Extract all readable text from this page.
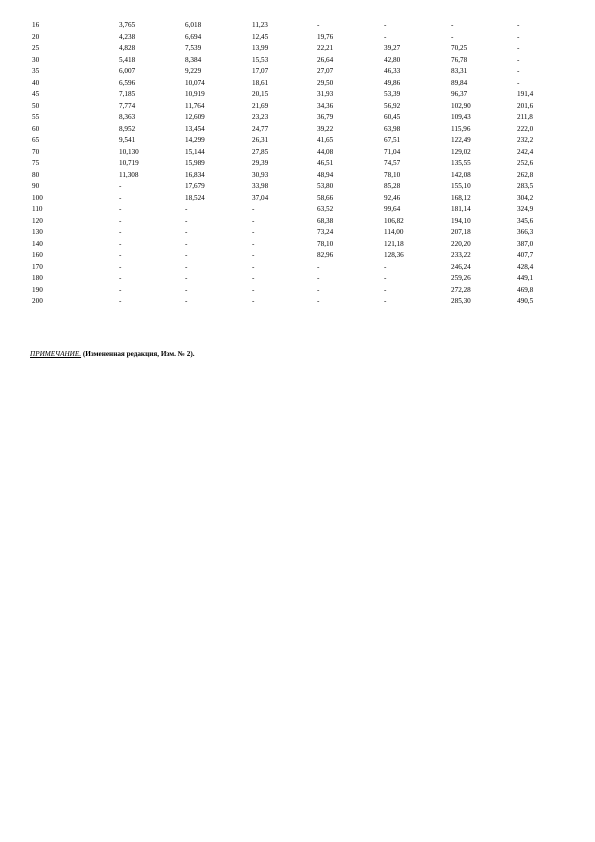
16	3,765	6,018	11,23	-	-	-	-
20	4,238	6,694	12,45	19,76	-	-	-
25	4,828	7,539	13,99	22,21	39,27	70,25	-
30	5,418	8,384	15,53	26,64	42,80	76,78	-
35	6,007	9,229	17,07	27,07	46,33	83,31	-
40	6,596	10,074	18,61	29,50	49,86	89,84	-
45	7,185	10,919	20,15	31,93	53,39	96,37	191,4
50	7,774	11,764	21,69	34,36	56,92	102,90	201,6
55	8,363	12,609	23,23	36,79	60,45	109,43	211,8
60	8,952	13,454	24,77	39,22	63,98	115,96	222,0
65	9,541	14,299	26,31	41,65	67,51	122,49	232,2
70	10,130	15,144	27,85	44,08	71,04	129,02	242,4
75	10,719	15,989	29,39	46,51	74,57	135,55	252,6
80	11,308	16,834	30,93	48,94	78,10	142,08	262,8
90	-	17,679	33,98	53,80	85,28	155,10	283,5
100	-	18,524	37,04	58,66	92,46	168,12	304,2
110	-	-	-	63,52	99,64	181,14	324,9
120	-	-	-	68,38	106,82	194,10	345,6
130	-	-	-	73,24	114,00	207,18	366,3
140	-	-	-	78,10	121,18	220,20	387,0
160	-	-	-	82,96	128,36	233,22	407,7
170	-	-	-	-	-	246,24	428,4
180	-	-	-	-	-	259,26	449,1
190	-	-	-	-	-	272,28	469,8
200	-	-	-	-	-	285,30	490,5
ПРИМЕЧАНИЕ. (Измененная редакция, Изм. № 2).
